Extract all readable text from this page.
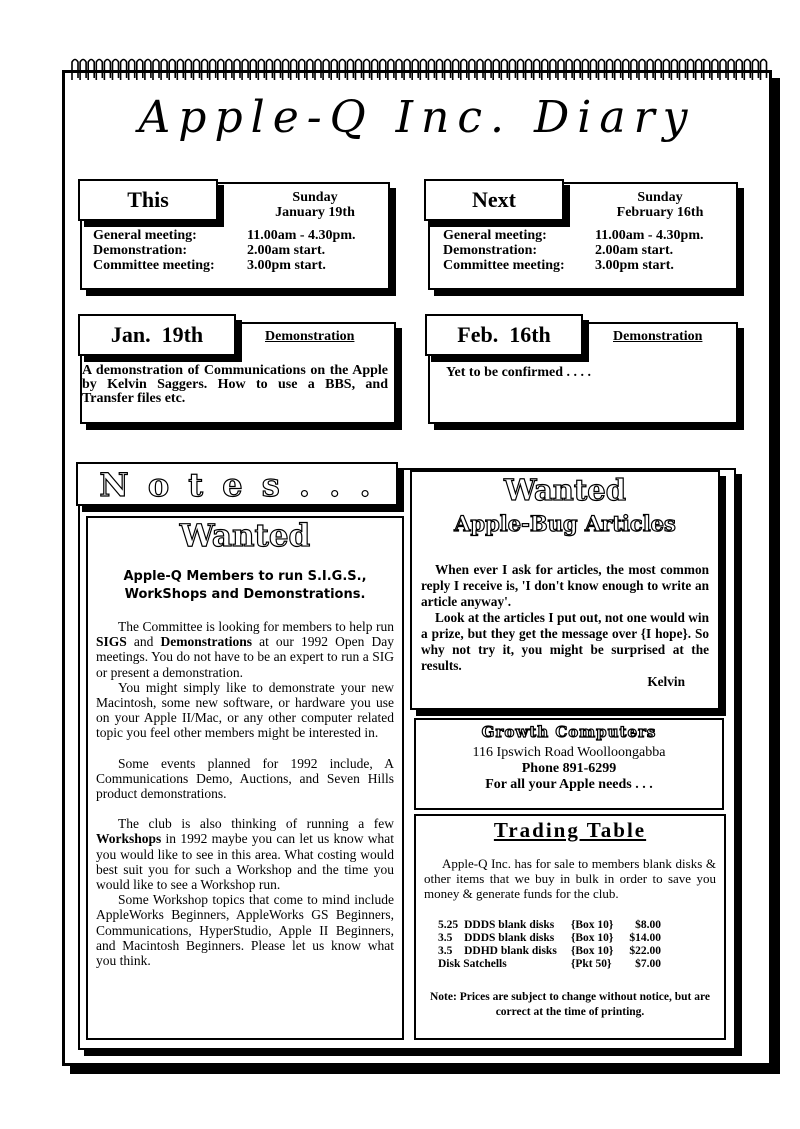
Apple-Q Inc. Diary
This	Sunday
January 19th
General meeting:	11.00am - 4.30pm.
Demonstration:	2.00am start.
Committee meeting:	3.00pm start.
Next	Sunday
February 16th
General meeting:	11.00am - 4.30pm.
Demonstration:	2.00am start.
Committee meeting:	3.00pm start.
Jan.  19th	Demonstration
A demonstration of Communications on the Apple by Kelvin Saggers. How to use a BBS, and Transfer files etc.
Feb.  16th	Demonstration
Yet to be confirmed . . . .
N o t e s . . .
Wanted
Apple-Q Members to run S.I.G.S.,
WorkShops and Demonstrations.

The Committee is looking for members to help run SIGS and Demonstrations at our 1992 Open Day meetings. You do not have to be an expert to run a SIG or present a demonstration.

You might simply like to demonstrate your new Macintosh, some new software, or hardware you use on your Apple II/Mac, or any other computer related topic you feel other members might be interested in.

Some events planned for 1992 include, A Communications Demo, Auctions, and Seven Hills product demonstrations.

The club is also thinking of running a few Workshops in 1992 maybe you can let us know what you would like to see in this area. What costing would best suit you for such a Workshop and the time you would like to see a Workshop run.

Some Workshop topics that come to mind include AppleWorks Beginners, AppleWorks GS Beginners, Communications, HyperStudio, Apple II Beginners, and Macintosh Beginners. Please let us know what you think.

Wanted
Apple-Bug Articles

When ever I ask for articles, the most common reply I receive is, 'I don't know enough to write an article anyway'.

Look at the articles I put out, not one would win a prize, but they get the message over {I hope}. So why not try it, you might be surprised at the results.

Kelvin

Growth Computers
116 Ipswich Road Woolloongabba
Phone 891-6299
For all your Apple needs . . .
Trading Table
Apple-Q Inc. has for sale to members blank disks & other items that we buy in bulk in order to save you money & generate funds for the club.
5.25	DDDS blank disks	{Box 10}	$8.00
3.5	DDDS blank disks	{Box 10}	$14.00
3.5	DDHD blank disks	{Box 10}	$22.00
Disk Satchells		{Pkt 50}	$7.00
Note: Prices are subject to change without notice, but are correct at the time of printing.
